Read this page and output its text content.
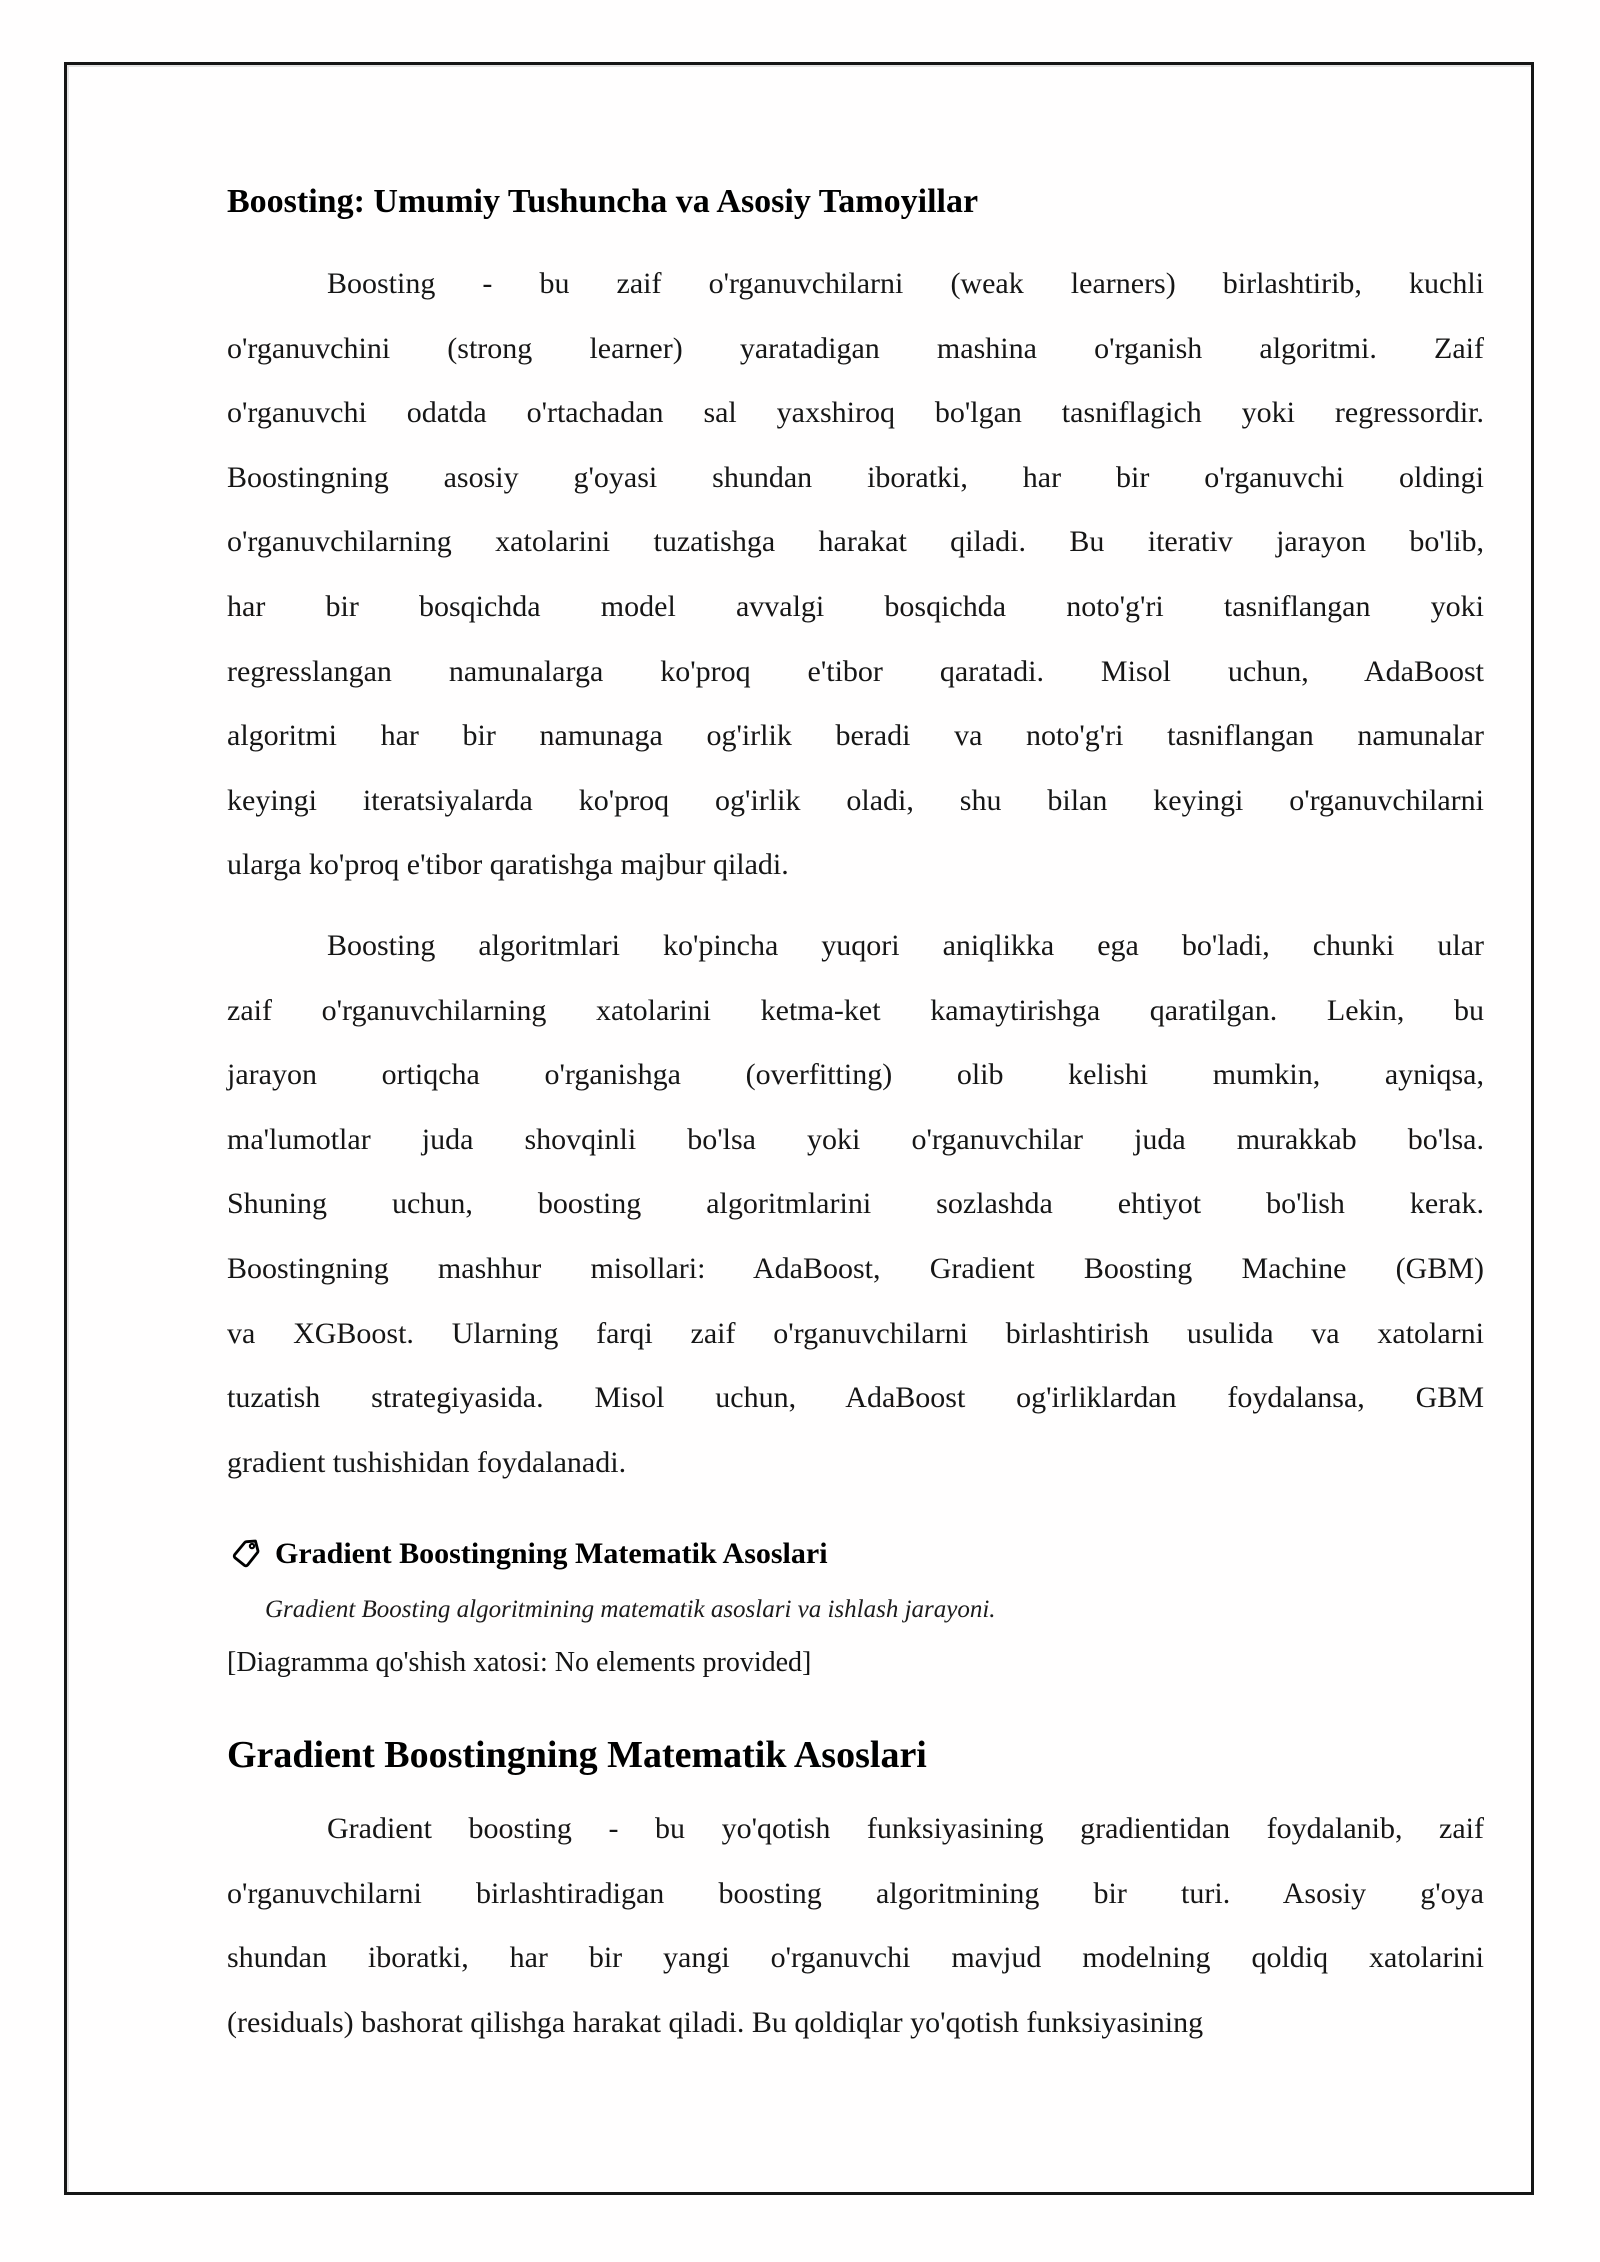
Boosting: Umumiy Tushuncha va Asosiy Tamoyillar
Boosting - bu zaif o'rganuvchilarni (weak learners) birlashtirib, kuchli
o'rganuvchini (strong learner) yaratadigan mashina o'rganish algoritmi. Zaif
o'rganuvchi odatda o'rtachadan sal yaxshiroq bo'lgan tasniflagich yoki regressordir.
Boostingning asosiy g'oyasi shundan iboratki, har bir o'rganuvchi oldingi
o'rganuvchilarning xatolarini tuzatishga harakat qiladi. Bu iterativ jarayon bo'lib,
har bir bosqichda model avvalgi bosqichda noto'g'ri tasniflangan yoki
regresslangan namunalarga ko'proq e'tibor qaratadi. Misol uchun, AdaBoost
algoritmi har bir namunaga og'irlik beradi va noto'g'ri tasniflangan namunalar
keyingi iteratsiyalarda ko'proq og'irlik oladi, shu bilan keyingi o'rganuvchilarni
ularga ko'proq e'tibor qaratishga majbur qiladi.
Boosting algoritmlari ko'pincha yuqori aniqlikka ega bo'ladi, chunki ular
zaif o'rganuvchilarning xatolarini ketma-ket kamaytirishga qaratilgan. Lekin, bu
jarayon ortiqcha o'rganishga (overfitting) olib kelishi mumkin, ayniqsa,
ma'lumotlar juda shovqinli bo'lsa yoki o'rganuvchilar juda murakkab bo'lsa.
Shuning uchun, boosting algoritmlarini sozlashda ehtiyot bo'lish kerak.
Boostingning mashhur misollari: AdaBoost, Gradient Boosting Machine (GBM)
va XGBoost. Ularning farqi zaif o'rganuvchilarni birlashtirish usulida va xatolarni
tuzatish strategiyasida. Misol uchun, AdaBoost og'irliklardan foydalansa, GBM
gradient tushishidan foydalanadi.
Gradient Boostingning Matematik Asoslari
Gradient Boosting algoritmining matematik asoslari va ishlash jarayoni.
[Diagramma qo'shish xatosi: No elements provided]
Gradient Boostingning Matematik Asoslari
Gradient boosting - bu yo'qotish funksiyasining gradientidan foydalanib, zaif
o'rganuvchilarni birlashtiradigan boosting algoritmining bir turi. Asosiy g'oya
shundan iboratki, har bir yangi o'rganuvchi mavjud modelning qoldiq xatolarini
(residuals) bashorat qilishga harakat qiladi. Bu qoldiqlar yo'qotish funksiyasining
